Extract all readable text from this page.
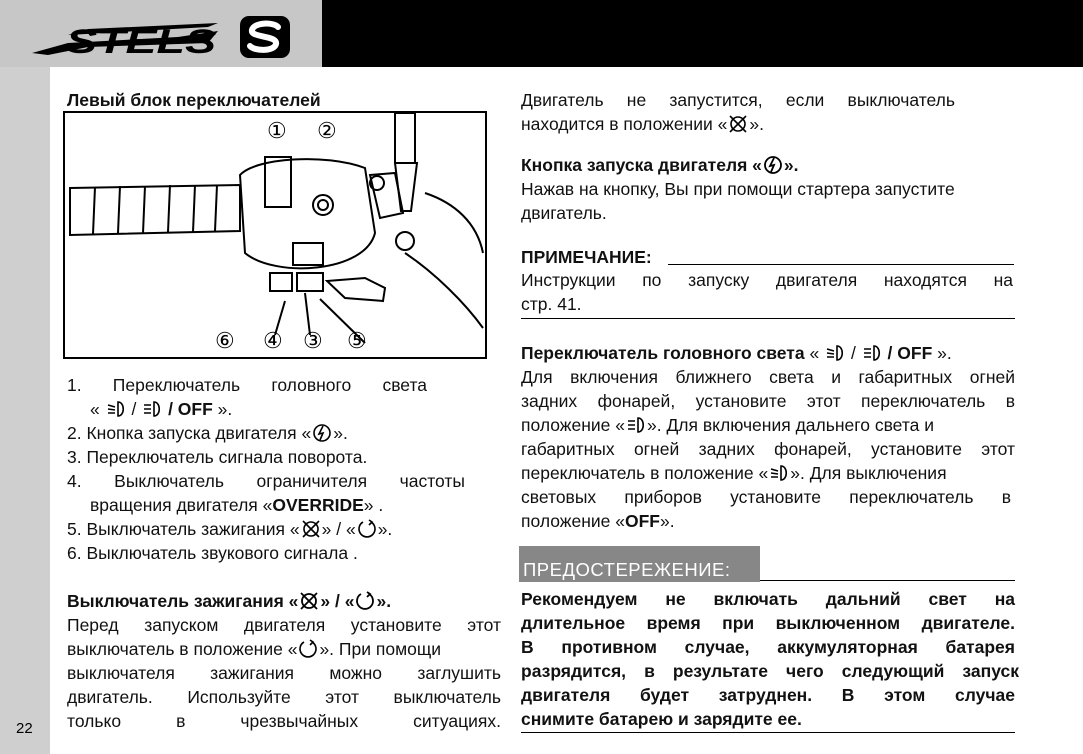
STELS
22
Левый блок переключателей
① ②
⑥ ④ ③ ⑤
1. Переключатель головного света
«
/
/ OFF ».
2. Кнопка запуска двигателя « ».
3. Переключатель сигнала поворота.
4. Выключатель ограничителя частоты
вращения двигателя «OVERRIDE» .
5. Выключатель зажигания « » / « ».
6. Выключатель звукового сигнала .
Выключатель зажигания « » / « ».
Перед запуском двигателя установите этот
выключатель в положение « ». При помощи
выключателя зажигания можно заглушить
двигатель. Используйте этот выключатель
только в чрезвычайных ситуациях.
Двигатель не запустится, если выключатель
находится в положении « ».
Кнопка запуска двигателя « ».
Нажав на кнопку, Вы при помощи стартера запустите
двигатель.
ПРИМЕЧАНИЕ:
Инструкции по запуску двигателя находятся на
стр. 41.
Переключатель головного света «
/
/ OFF ».
Для включения ближнего света и габаритных огней
задних фонарей, установите этот переключатель в
положение « ». Для включения дальнего света и
габаритных огней задних фонарей, установите этот
переключатель в положение « ». Для выключения
световых приборов установите переключатель в
положение «OFF».
ПРЕДОСТЕРЕЖЕНИЕ:
Рекомендуем не включать дальний свет на
длительное время при выключенном двигателе.
В противном случае, аккумуляторная батарея
разрядится, в результате чего следующий запуск
двигателя будет затруднен. В этом случае
снимите батарею и зарядите ее.
